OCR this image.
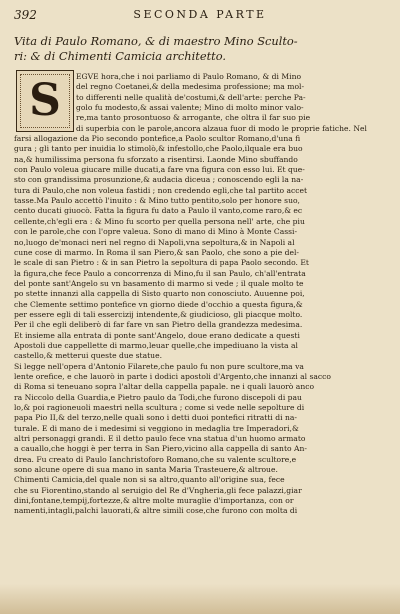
392	SECONDA PARTE
Vita di Paulo Romano, & di maestro Mino Sculto-
ri: & di Chimenti Camicia architetto.
S	EGVE hora,che i noi parliamo di Paulo Romano, & di Mino
del regno Coetanei,& della medesima professione; ma mol-
to differenti nelle qualità de'costumi,& dell'arte: perche Pa-
golo fu modesto,& assai valente; Mino di molto minor valo-
re,ma tanto prosontuoso & arrogante, che oltra il far suo pie
di superbia con le parole,ancora alzaua fuor di modo le proprie fatiche. Nel
farsi allogazione da Pio secondo pontefice,a Paolo scultor Romano,d'una fi
gura ; gli tanto per inuidia lo stimolò,& infestollo,che Paolo,ilquale era buo
na,& humilissima persona fu sforzato a risentirsi. Laonde Mino sbuffando
con Paulo voleua giucare mille ducati,a fare vna figura con esso lui. Et que-
sto con grandissima prosunzione,& audacia diceua ; conoscendo egli la na-
tura di Paulo,che non voleua fastidi ; non credendo egli,che tal partito accet
tasse.Ma Paulo accettò l'inuito : & Mino tutto pentito,solo per honore suo,
cento ducati giuocò. Fatta la figura fu dato a Paulo il vanto,come raro,& ec
cellente,ch'egli era : & Mino fu scorto per quella persona nell' arte, che piu
con le parole,che con l'opre valeua. Sono di mano di Mino à Monte Cassi-
no,luogo de'monaci neri nel regno di Napoli,vna sepoltura,& in Napoli al
cune cose di marmo. In Roma il san Piero,& san Paolo, che sono a pie del-
le scale di san Pietro : & in san Pietro la sepoltura di papa Paolo secondo. Et
la figura,che fece Paulo a concorrenza di Mino,fu il san Paulo, ch'all'entrata
del ponte sant'Angelo su vn basamento di marmo si vede ; il quale molto te
po stette innanzi alla cappella di Sisto quarto non conosciuto. Auuenne poi,
che Clemente settimo pontefice vn giorno diede d'occhio a questa figura,&
per essere egli di tali essercizij intendente,& giudicioso, gli piacque molto.
Per il che egli deliberò di far fare vn san Pietro della grandezza medesima.
Et insieme alla entrata di ponte sant'Angelo, doue erano dedicate a questi
Apostoli due cappellette di marmo,leuar quelle,che impediuano la vista al
castello,& metterui queste due statue.
Si legge nell'opera d'Antonio Filarete,che paulo fu non pure scultore,ma va
lente orefice, e che lauorò in parte i dodici apostoli d'Argento,che innanzi al sacco
di Roma si teneuano sopra l'altar della cappella papale. ne i quali lauorò anco
ra Niccolo della Guardia,e Pietro paulo da Todi,che furono discepoli di pau
lo,& poi ragioneuoli maestri nella scultura ; come si vede nelle sepolture di
papa Pio II,& del terzo,nelle quali sono i detti duoi pontefici ritratti di na-
turale. E di mano de i medesimi si veggiono in medaglia tre Imperadori,&
altri personaggi grandi. E il detto paulo fece vna statua d'un huomo armato
a cauallo,che hoggi è per terra in San Piero,vicino alla cappella di santo An-
drea. Fu creato di Paulo Ianchristoforo Romano,che su valente scultore,e
sono alcune opere di sua mano in santa Maria Trasteuere,& altroue.
Chimenti Camicia,del quale non si sa altro,quanto all'origine sua, fece
che su Fiorentino,stando al seruigio del Re d'Vngheria,gli fece palazzi,giar
dini,fontane,tempij,fortezze,& altre molte muraglie d'importanza, con or
namenti,intagli,palchi lauorati,& altre simili cose,che furono con molta di
